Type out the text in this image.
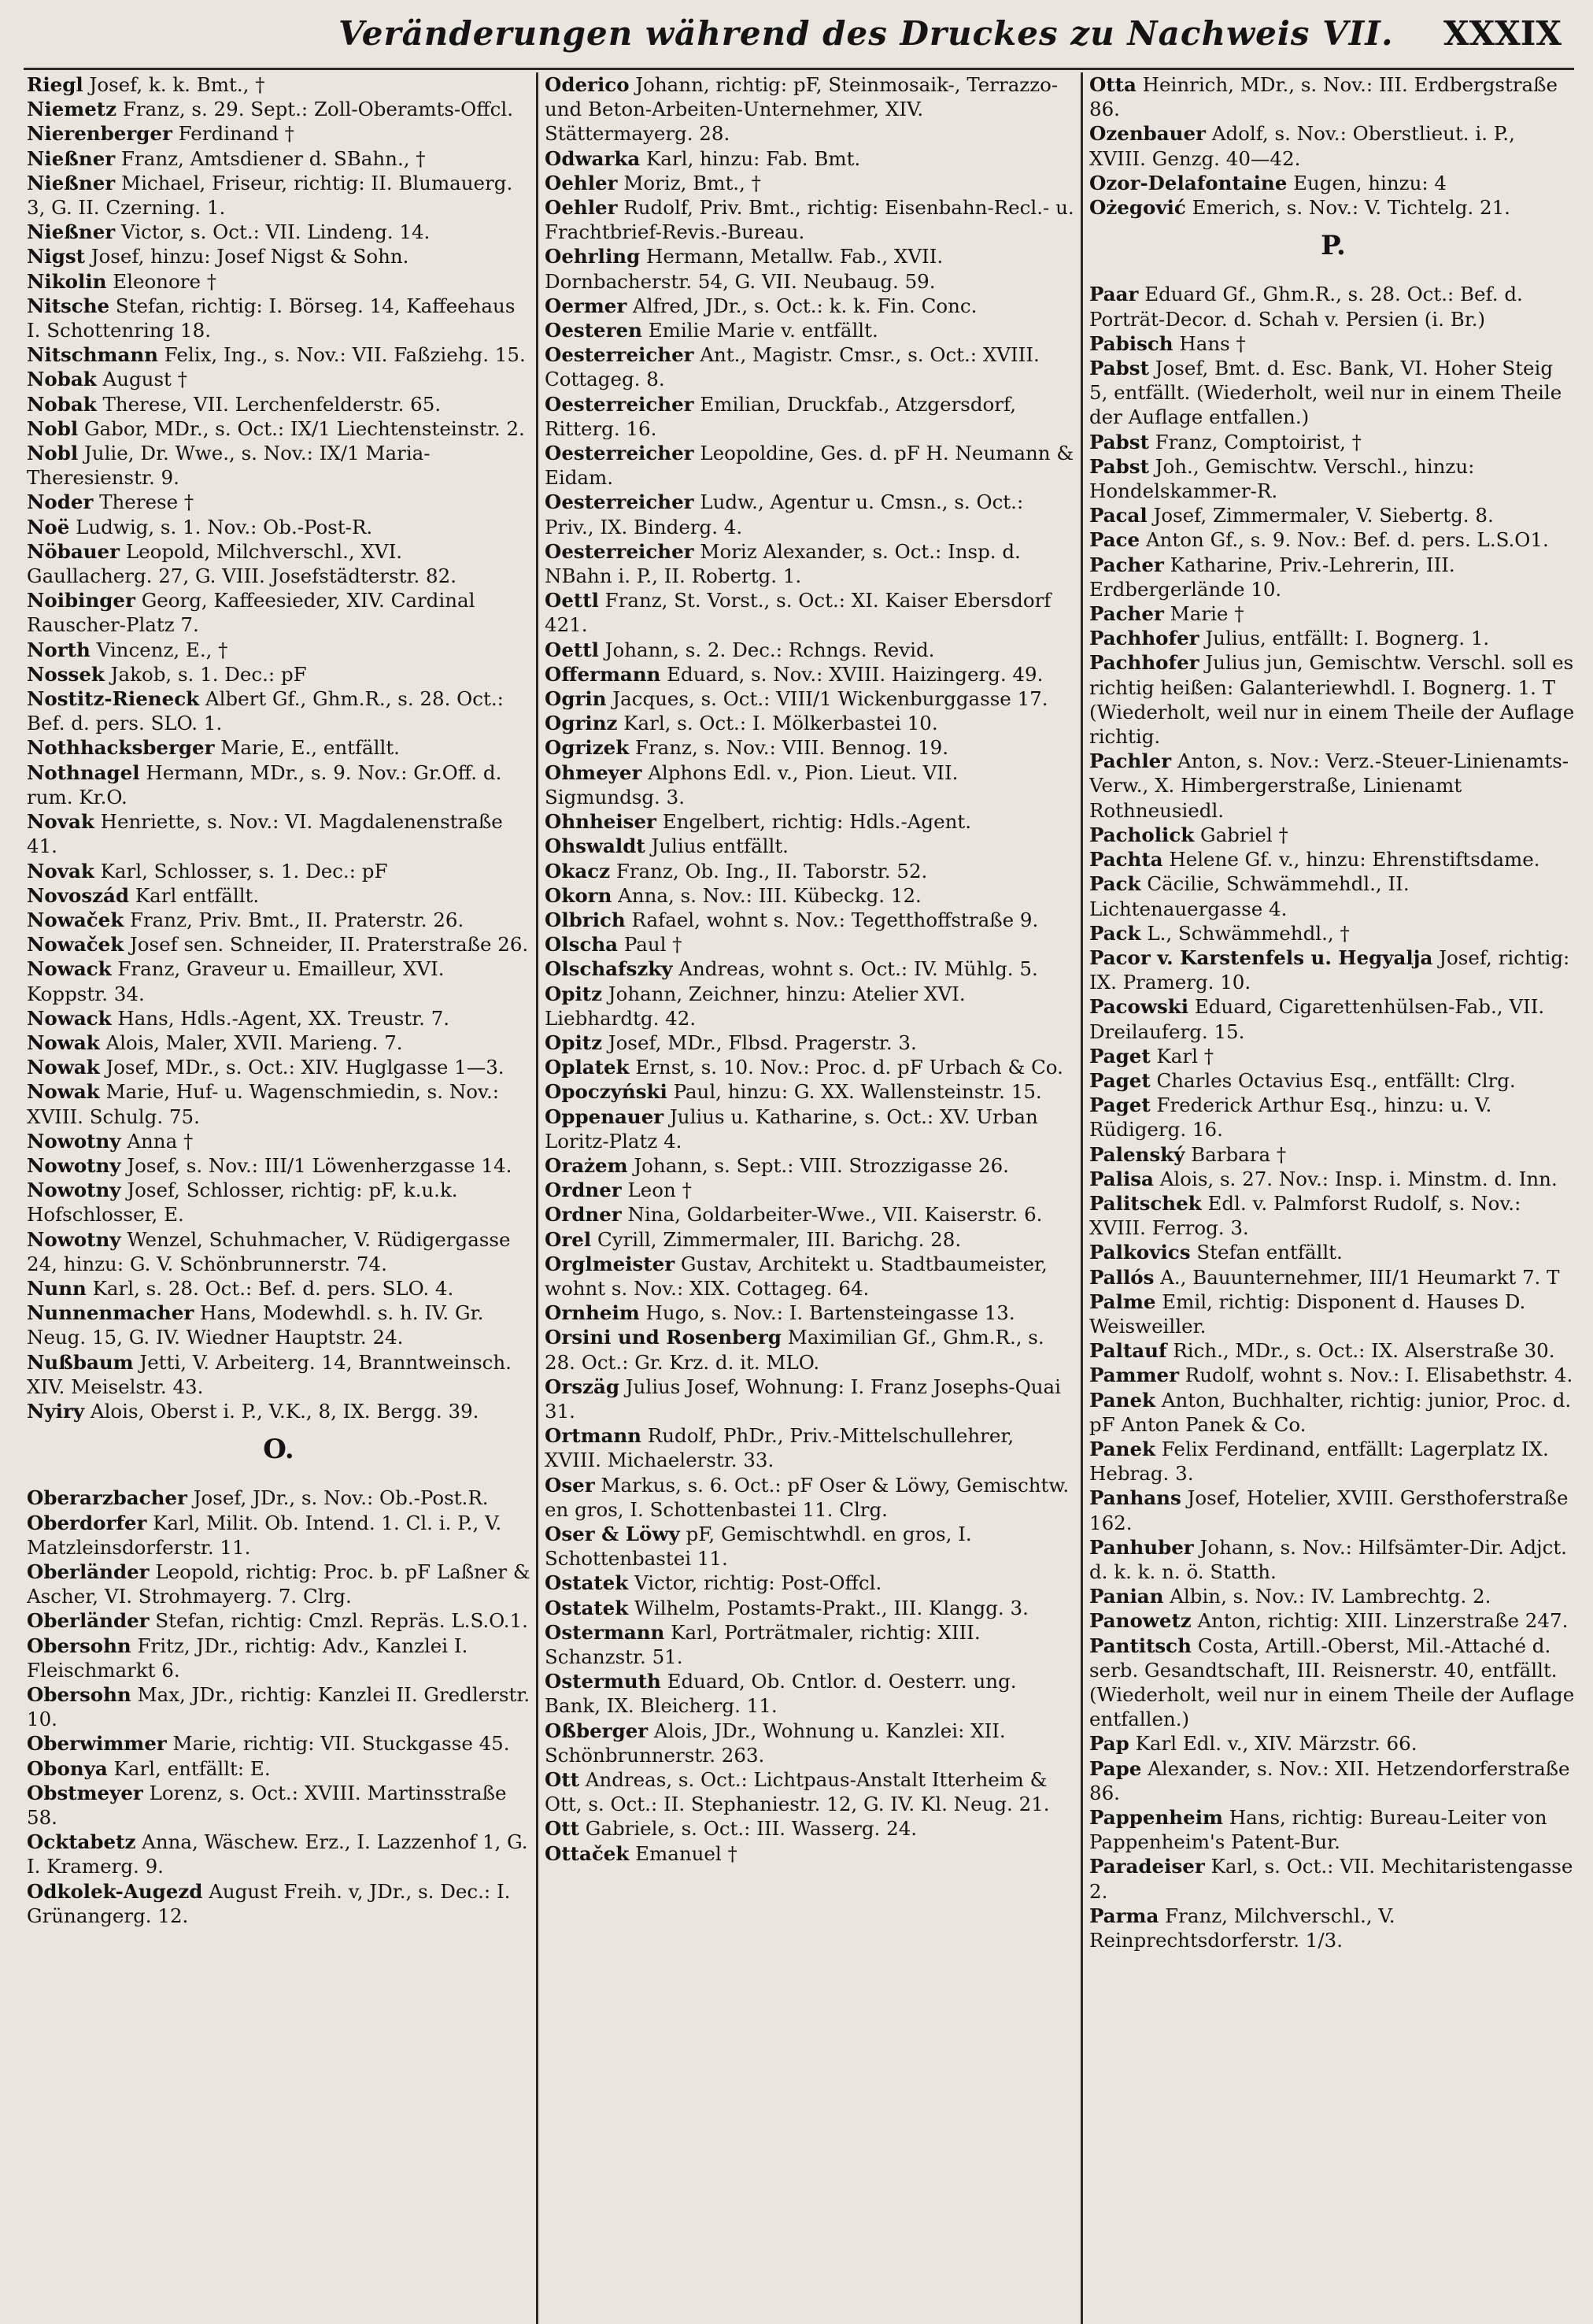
Veränderungen während des Druckes zu Nachweis VII. XXXIX
Riegl Josef, k. k. Bmt., †
Niemetz Franz, s. 29. Sept.: Zoll-Oberamts-Offcl.
Nierenberger Ferdinand †
Nießner Franz, Amtsdiener d. SBahn., †
Nießner Michael, Friseur, richtig: II. Blumauerg. 3, G. II. Czerning. 1.
Nießner Victor, s. Oct.: VII. Lindeng. 14.
Nigst Josef, hinzu: Josef Nigst & Sohn.
Nikolin Eleonore †
Nitsche Stefan, richtig: I. Börseg. 14, Kaffeehaus I. Schottenring 18.
Nitschmann Felix, Ing., s. Nov.: VII. Faßziehg. 15.
Nobak August †
Nobak Therese, VII. Lerchenfelderstr. 65.
Nobl Gabor, MDr., s. Oct.: IX/1 Liechtensteinstr. 2.
Nobl Julie, Dr. Wwe., s. Nov.: IX/1 Maria-Theresienstr. 9.
Noder Therese †
Noë Ludwig, s. 1. Nov.: Ob.-Post-R.
Nöbauer Leopold, Milchverschl., XVI. Gaullacherg. 27, G. VIII. Josefstädterstr. 82.
Noibinger Georg, Kaffeesieder, XIV. Cardinal Rauscher-Platz 7.
North Vincenz, E., †
Nossek Jakob, s. 1. Dec.: pF
Nostitz-Rieneck Albert Gf., Ghm.R., s. 28. Oct.: Bef. d. pers. SLO. 1.
Nothhacksberger Marie, E., entfällt.
Nothnagel Hermann, MDr., s. 9. Nov.: Gr.Off. d. rum. Kr.O.
Novak Henriette, s. Nov.: VI. Magdalenenstraße 41.
Novak Karl, Schlosser, s. 1. Dec.: pF
Novoszád Karl entfällt.
Nowaček Franz, Priv. Bmt., II. Praterstr. 26.
Nowaček Josef sen. Schneider, II. Praterstraße 26.
Nowack Franz, Graveur u. Emailleur, XVI. Koppstr. 34.
Nowack Hans, Hdls.-Agent, XX. Treustr. 7.
Nowak Alois, Maler, XVII. Marieng. 7.
Nowak Josef, MDr., s. Oct.: XIV. Huglgasse 1—3.
Nowak Marie, Huf- u. Wagenschmiedin, s. Nov.: XVIII. Schulg. 75.
Nowotny Anna †
Nowotny Josef, s. Nov.: III/1 Löwenherzgasse 14.
Nowotny Josef, Schlosser, richtig: pF, k.u.k. Hofschlosser, E.
Nowotny Wenzel, Schuhmacher, V. Rüdigergasse 24, hinzu: G. V. Schönbrunnerstr. 74.
Nunn Karl, s. 28. Oct.: Bef. d. pers. SLO. 4.
Nunnenmacher Hans, Modewhdl. s. h. IV. Gr. Neug. 15, G. IV. Wiedner Hauptstr. 24.
Nußbaum Jetti, V. Arbeiterg. 14, Branntweinsch. XIV. Meiselstr. 43.
Nyiry Alois, Oberst i. P., V.K., 8, IX. Bergg. 39.
O.
Oberarzbacher Josef, JDr., s. Nov.: Ob.-Post.R.
Oberdorfer Karl, Milit. Ob. Intend. 1. Cl. i. P., V. Matzleinsdorferstr. 11.
Oberländer Leopold, richtig: Proc. b. pF Laßner & Ascher, VI. Strohmayerg. 7. Clrg.
Oberländer Stefan, richtig: Cmzl. Repräs. L.S.O.1.
Obersohn Fritz, JDr., richtig: Adv., Kanzlei I. Fleischmarkt 6.
Obersohn Max, JDr., richtig: Kanzlei II. Gredlerstr. 10.
Oberwimmer Marie, richtig: VII. Stuckgasse 45.
Obonya Karl, entfällt: E.
Obstmeyer Lorenz, s. Oct.: XVIII. Martinsstraße 58.
Ocktabetz Anna, Wäschew. Erz., I. Lazzenhof 1, G. I. Kramerg. 9.
Odkolek-Augezd August Freih. v, JDr., s. Dec.: I. Grünangerg. 12.
Oderico Johann, richtig: pF, Steinmosaik-, Terrazzo- und Beton-Arbeiten-Unternehmer, XIV. Stättermayerg. 28.
Odwarka Karl, hinzu: Fab. Bmt.
Oehler Moriz, Bmt., †
Oehler Rudolf, Priv. Bmt., richtig: Eisenbahn-Recl.- u. Frachtbrief-Revis.-Bureau.
Oehrling Hermann, Metallw. Fab., XVII. Dornbacherstr. 54, G. VII. Neubaug. 59.
Oermer Alfred, JDr., s. Oct.: k. k. Fin. Conc.
Oesteren Emilie Marie v. entfällt.
Oesterreicher Ant., Magistr. Cmsr., s. Oct.: XVIII. Cottageg. 8.
Oesterreicher Emilian, Druckfab., Atzgersdorf, Ritterg. 16.
Oesterreicher Leopoldine, Ges. d. pF H. Neumann & Eidam.
Oesterreicher Ludw., Agentur u. Cmsn., s. Oct.: Priv., IX. Binderg. 4.
Oesterreicher Moriz Alexander, s. Oct.: Insp. d. NBahn i. P., II. Robertg. 1.
Oettl Franz, St. Vorst., s. Oct.: XI. Kaiser Ebersdorf 421.
Oettl Johann, s. 2. Dec.: Rchngs. Revid.
Offermann Eduard, s. Nov.: XVIII. Haizingerg. 49.
Ogrin Jacques, s. Oct.: VIII/1 Wickenburggasse 17.
Ogrinz Karl, s. Oct.: I. Mölkerbastei 10.
Ogrizek Franz, s. Nov.: VIII. Bennog. 19.
Ohmeyer Alphons Edl. v., Pion. Lieut. VII. Sigmundsg. 3.
Ohnheiser Engelbert, richtig: Hdls.-Agent.
Ohswaldt Julius entfällt.
Okacz Franz, Ob. Ing., II. Taborstr. 52.
Okorn Anna, s. Nov.: III. Kübeckg. 12.
Olbrich Rafael, wohnt s. Nov.: Tegetthoffstraße 9.
Olscha Paul †
Olschafszky Andreas, wohnt s. Oct.: IV. Mühlg. 5.
Opitz Johann, Zeichner, hinzu: Atelier XVI. Liebhardtg. 42.
Opitz Josef, MDr., Flbsd. Pragerstr. 3.
Oplatek Ernst, s. 10. Nov.: Proc. d. pF Urbach & Co.
Opoczyński Paul, hinzu: G. XX. Wallensteinstr. 15.
Oppenauer Julius u. Katharine, s. Oct.: XV. Urban Loritz-Platz 4.
Orażem Johann, s. Sept.: VIII. Strozzigasse 26.
Ordner Leon †
Ordner Nina, Goldarbeiter-Wwe., VII. Kaiserstr. 6.
Orel Cyrill, Zimmermaler, III. Barichg. 28.
Orglmeister Gustav, Architekt u. Stadtbaumeister, wohnt s. Nov.: XIX. Cottageg. 64.
Ornheim Hugo, s. Nov.: I. Bartensteingasse 13.
Orsini und Rosenberg Maximilian Gf., Ghm.R., s. 28. Oct.: Gr. Krz. d. it. MLO.
Orszäg Julius Josef, Wohnung: I. Franz Josephs-Quai 31.
Ortmann Rudolf, PhDr., Priv.-Mittelschullehrer, XVIII. Michaelerstr. 33.
Oser Markus, s. 6. Oct.: pF Oser & Löwy, Gemischtw. en gros, I. Schottenbastei 11. Clrg.
Oser & Löwy pF, Gemischtwhdl. en gros, I. Schottenbastei 11.
Ostatek Victor, richtig: Post-Offcl.
Ostatek Wilhelm, Postamts-Prakt., III. Klangg. 3.
Ostermann Karl, Porträtmaler, richtig: XIII. Schanzstr. 51.
Ostermuth Eduard, Ob. Cntlor. d. Oesterr. ung. Bank, IX. Bleicherg. 11.
Oßberger Alois, JDr., Wohnung u. Kanzlei: XII. Schönbrunnerstr. 263.
Ott Andreas, s. Oct.: Lichtpaus-Anstalt Itterheim & Ott, s. Oct.: II. Stephaniestr. 12, G. IV. Kl. Neug. 21.
Ott Gabriele, s. Oct.: III. Wasserg. 24.
Ottaček Emanuel †
Otta Heinrich, MDr., s. Nov.: III. Erdbergstraße 86.
Ozenbauer Adolf, s. Nov.: Oberstlieut. i. P., XVIII. Genzg. 40—42.
Ozor-Delafontaine Eugen, hinzu: 4
Ożegović Emerich, s. Nov.: V. Tichtelg. 21.
P.
Paar Eduard Gf., Ghm.R., s. 28. Oct.: Bef. d. Porträt-Decor. d. Schah v. Persien (i. Br.)
Pabisch Hans †
Pabst Josef, Bmt. d. Esc. Bank, VI. Hoher Steig 5, entfällt. (Wiederholt, weil nur in einem Theile der Auflage entfallen.)
Pabst Franz, Comptoirist, †
Pabst Joh., Gemischtw. Verschl., hinzu: Hondelskammer-R.
Pacal Josef, Zimmermaler, V. Siebertg. 8.
Pace Anton Gf., s. 9. Nov.: Bef. d. pers. L.S.O1.
Pacher Katharine, Priv.-Lehrerin, III. Erdbergerlände 10.
Pacher Marie †
Pachhofer Julius, entfällt: I. Bognerg. 1.
Pachhofer Julius jun, Gemischtw. Verschl. soll es richtig heißen: Galanteriewhdl. I. Bognerg. 1. T (Wiederholt, weil nur in einem Theile der Auflage richtig.
Pachler Anton, s. Nov.: Verz.-Steuer-Linienamts-Verw., X. Himbergerstraße, Linienamt Rothneusiedl.
Pacholick Gabriel †
Pachta Helene Gf. v., hinzu: Ehrenstiftsdame.
Pack Cäcilie, Schwämmehdl., II. Lichtenauergasse 4.
Pack L., Schwämmehdl., †
Pacor v. Karstenfels u. Hegyalja Josef, richtig: IX. Pramerg. 10.
Pacowski Eduard, Cigarettenhülsen-Fab., VII. Dreilauferg. 15.
Paget Karl †
Paget Charles Octavius Esq., entfällt: Clrg.
Paget Frederick Arthur Esq., hinzu: u. V. Rüdigerg. 16.
Palenský Barbara †
Palisa Alois, s. 27. Nov.: Insp. i. Minstm. d. Inn.
Palitschek Edl. v. Palmforst Rudolf, s. Nov.: XVIII. Ferrog. 3.
Palkovics Stefan entfällt.
Pallós A., Bauunternehmer, III/1 Heumarkt 7. T
Palme Emil, richtig: Disponent d. Hauses D. Weisweiller.
Paltauf Rich., MDr., s. Oct.: IX. Alserstraße 30.
Pammer Rudolf, wohnt s. Nov.: I. Elisabethstr. 4.
Panek Anton, Buchhalter, richtig: junior, Proc. d. pF Anton Panek & Co.
Panek Felix Ferdinand, entfällt: Lagerplatz IX. Hebrag. 3.
Panhans Josef, Hotelier, XVIII. Gersthoferstraße 162.
Panhuber Johann, s. Nov.: Hilfsämter-Dir. Adjct. d. k. k. n. ö. Statth.
Panian Albin, s. Nov.: IV. Lambrechtg. 2.
Panowetz Anton, richtig: XIII. Linzerstraße 247.
Pantitsch Costa, Artill.-Oberst, Mil.-Attaché d. serb. Gesandtschaft, III. Reisnerstr. 40, entfällt. (Wiederholt, weil nur in einem Theile der Auflage entfallen.)
Pap Karl Edl. v., XIV. Märzstr. 66.
Pape Alexander, s. Nov.: XII. Hetzendorferstraße 86.
Pappenheim Hans, richtig: Bureau-Leiter von Pappenheim's Patent-Bur.
Paradeiser Karl, s. Oct.: VII. Mechitaristengasse 2.
Parma Franz, Milchverschl., V. Reinprechtsdorferstr. 1/3.
